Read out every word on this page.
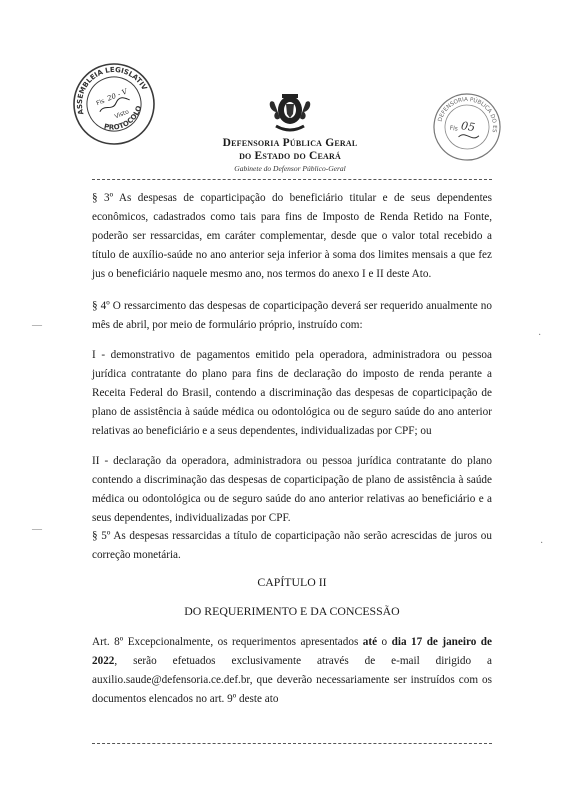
ASSEMBLEIA LEGISLATIVA DO CEARÁ
PROTOCOLO
Fls 20 - V
Visto	DEFENSORIA PÚBLICA DO ESTADO
Fls 05
Defensoria Pública Geral
do Estado do Ceará
Gabinete do Defensor Público-Geral

§ 3º As despesas de coparticipação do beneficiário titular e de seus dependentes econômicos, cadastrados como tais para fins de Imposto de Renda Retido na Fonte, poderão ser ressarcidas, em caráter complementar, desde que o valor total recebido a título de auxílio-saúde no ano anterior seja inferior à soma dos limites mensais a que fez jus o beneficiário naquele mesmo ano, nos termos do anexo I e II deste Ato.

§ 4º O ressarcimento das despesas de coparticipação deverá ser requerido anualmente no mês de abril, por meio de formulário próprio, instruído com:

I - demonstrativo de pagamentos emitido pela operadora, administradora ou pessoa jurídica contratante do plano para fins de declaração do imposto de renda perante a Receita Federal do Brasil, contendo a discriminação das despesas de coparticipação de plano de assistência à saúde médica ou odontológica ou de seguro saúde do ano anterior relativas ao beneficiário e a seus dependentes, individualizadas por CPF; ou

II - declaração da operadora, administradora ou pessoa jurídica contratante do plano contendo a discriminação das despesas de coparticipação de plano de assistência à saúde médica ou odontológica ou de seguro saúde do ano anterior relativas ao beneficiário e a seus dependentes, individualizadas por CPF.

§ 5º As despesas ressarcidas a título de coparticipação não serão acrescidas de juros ou correção monetária.

CAPÍTULO II
DO REQUERIMENTO E DA CONCESSÃO

Art. 8º Excepcionalmente, os requerimentos apresentados até o dia 17 de janeiro de 2022, serão efetuados exclusivamente através de e-mail dirigido a auxilio.saude@defensoria.ce.def.br, que deverão necessariamente ser instruídos com os documentos elencados no art. 9º deste ato

—
—
·
·
